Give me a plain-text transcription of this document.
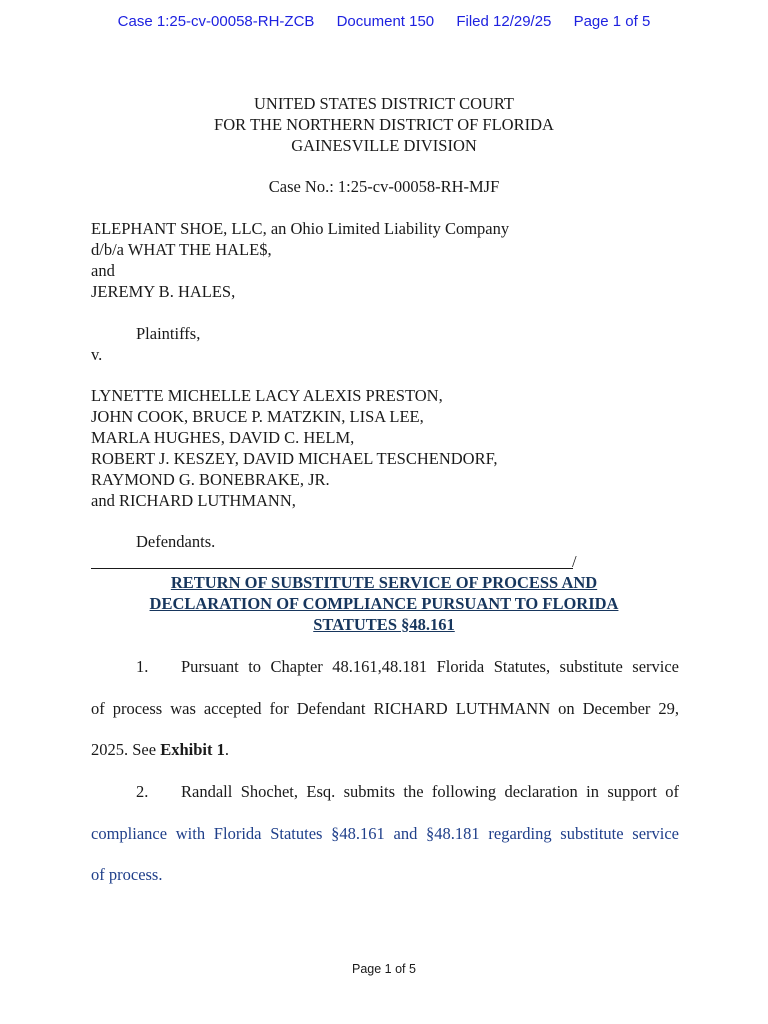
Case 1:25-cv-00058-RH-ZCB Document 150 Filed 12/29/25 Page 1 of 5
UNITED STATES DISTRICT COURT
FOR THE NORTHERN DISTRICT OF FLORIDA
GAINESVILLE DIVISION
Case No.: 1:25-cv-00058-RH-MJF
ELEPHANT SHOE, LLC, an Ohio Limited Liability Company
d/b/a WHAT THE HALE$,
and
JEREMY B. HALES,
Plaintiffs,
v.
LYNETTE MICHELLE LACY ALEXIS PRESTON,
JOHN COOK, BRUCE P. MATZKIN, LISA LEE,
MARLA HUGHES, DAVID C. HELM,
ROBERT J. KESZEY, DAVID MICHAEL TESCHENDORF,
RAYMOND G. BONEBRAKE, JR.
and RICHARD LUTHMANN,
Defendants.
/
RETURN OF SUBSTITUTE SERVICE OF PROCESS AND
DECLARATION OF COMPLIANCE PURSUANT TO FLORIDA
STATUTES §48.161
1. Pursuant to Chapter 48.161,48.181 Florida Statutes, substitute service
of process was accepted for Defendant RICHARD LUTHMANN on December 29,
2025. See Exhibit 1.
2. Randall Shochet, Esq. submits the following declaration in support of
compliance with Florida Statutes §48.161 and §48.181 regarding substitute service
of process.
Page 1 of 5
